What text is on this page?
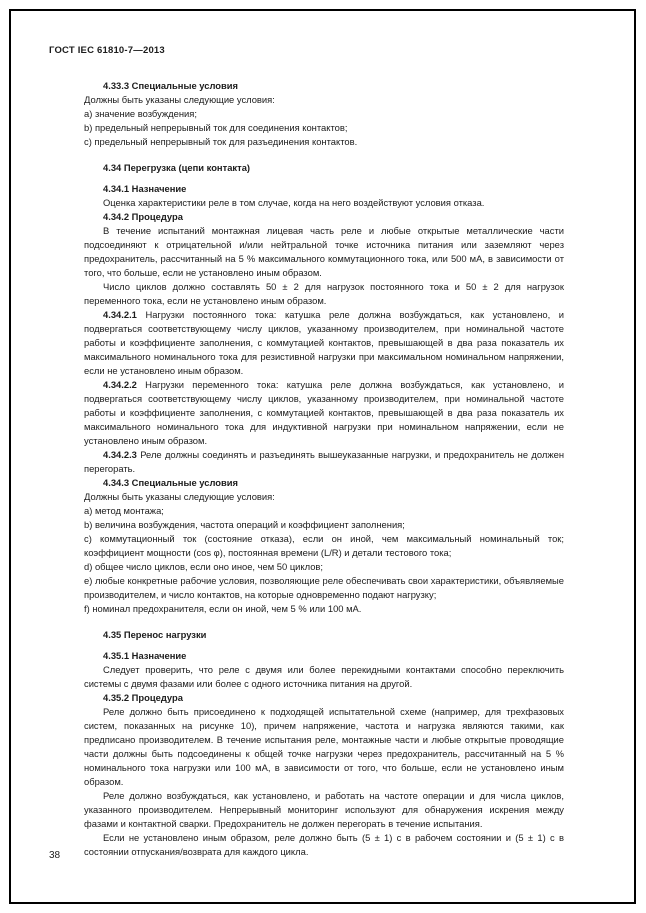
ГОСТ IEC 61810-7—2013

4.33.3 Специальные условия

Должны быть указаны следующие условия:

a) значение возбуждения;

b) предельный непрерывный ток для соединения контактов;

c) предельный непрерывный ток для разъединения контактов.

4.34 Перегрузка (цепи контакта)

4.34.1 Назначение

Оценка характеристики реле в том случае, когда на него воздействуют условия отказа.

4.34.2 Процедура

В течение испытаний монтажная лицевая часть реле и любые открытые металлические части подсоединяют к отрицательной и/или нейтральной точке источника питания или заземляют через предохранитель, рассчитанный на 5 % максимального коммутационного тока, или 500 мА, в зависимости от того, что больше, если не установлено иным образом.

Число циклов должно составлять 50 ± 2 для нагрузок постоянного тока и 50 ± 2 для нагрузок переменного тока, если не установлено иным образом.

4.34.2.1 Нагрузки постоянного тока: катушка реле должна возбуждаться, как установлено, и подвергаться соответствующему числу циклов, указанному производителем, при номинальной частоте работы и коэффициенте заполнения, с коммутацией контактов, превышающей в два раза показатель их максимального номинального тока для резистивной нагрузки при максимальном номинальном напряжении, если не установлено иным образом.

4.34.2.2 Нагрузки переменного тока: катушка реле должна возбуждаться, как установлено, и подвергаться соответствующему числу циклов, указанному производителем, при номинальной частоте работы и коэффициенте заполнения, с коммутацией контактов, превышающей в два раза показатель их максимального номинального тока для индуктивной нагрузки при номинальном напряжении, если не установлено иным образом.

4.34.2.3 Реле должны соединять и разъединять вышеуказанные нагрузки, и предохранитель не должен перегорать.

4.34.3 Специальные условия

Должны быть указаны следующие условия:

a) метод монтажа;

b) величина возбуждения, частота операций и коэффициент заполнения;

c) коммутационный ток (состояние отказа), если он иной, чем максимальный номинальный ток; коэффициент мощности (cos φ), постоянная времени (L/R) и детали тестового тока;

d) общее число циклов, если оно иное, чем 50 циклов;

e) любые конкретные рабочие условия, позволяющие реле обеспечивать свои характеристики, объявляемые производителем, и число контактов, на которые одновременно подают нагрузку;

f) номинал предохранителя, если он иной, чем 5 % или 100 мА.

4.35 Перенос нагрузки

4.35.1 Назначение

Следует проверить, что реле с двумя или более перекидными контактами способно переключить системы с двумя фазами или более с одного источника питания на другой.

4.35.2 Процедура

Реле должно быть присоединено к подходящей испытательной схеме (например, для трехфазовых систем, показанных на рисунке 10), причем напряжение, частота и нагрузка являются такими, как предписано производителем. В течение испытания реле, монтажные части и любые открытые проводящие части должны быть подсоединены к общей точке нагрузки через предохранитель, рассчитанный на 5 % номинального тока нагрузки или 100 мА, в зависимости от того, что больше, если не установлено иным образом.

Реле должно возбуждаться, как установлено, и работать на частоте операции и для числа циклов, указанного производителем. Непрерывный мониторинг используют для обнаружения искрения между фазами и контактной сварки. Предохранитель не должен перегорать в течение испытания.

Если не установлено иным образом, реле должно быть (5 ± 1) с в рабочем состоянии и (5 ± 1) с в состоянии отпускания/возврата для каждого цикла.

38
